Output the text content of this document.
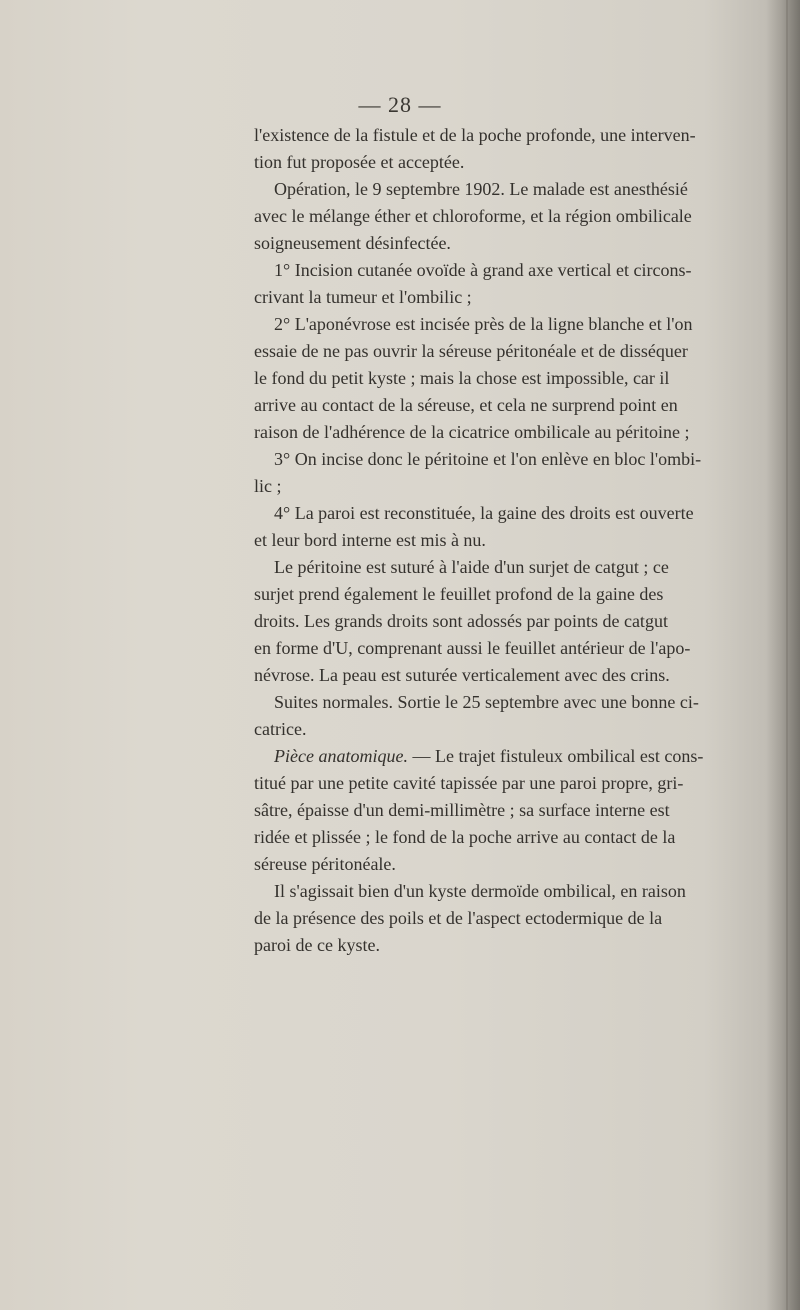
— 28 —
l'existence de la fistule et de la poche profonde, une interven-
tion fut proposée et acceptée.
Opération, le 9 septembre 1902. Le malade est anesthésié
avec le mélange éther et chloroforme, et la région ombilicale
soigneusement désinfectée.
1° Incision cutanée ovoïde à grand axe vertical et circons-
crivant la tumeur et l'ombilic ;
2° L'aponévrose est incisée près de la ligne blanche et l'on
essaie de ne pas ouvrir la séreuse péritonéale et de disséquer
le fond du petit kyste ; mais la chose est impossible, car il
arrive au contact de la séreuse, et cela ne surprend point en
raison de l'adhérence de la cicatrice ombilicale au péritoine ;
3° On incise donc le péritoine et l'on enlève en bloc l'ombi-
lic ;
4° La paroi est reconstituée, la gaine des droits est ouverte
et leur bord interne est mis à nu.
Le péritoine est suturé à l'aide d'un surjet de catgut ; ce
surjet prend également le feuillet profond de la gaine des
droits. Les grands droits sont adossés par points de catgut
en forme d'U, comprenant aussi le feuillet antérieur de l'apo-
névrose. La peau est suturée verticalement avec des crins.
Suites normales. Sortie le 25 septembre avec une bonne ci-
catrice.
Pièce anatomique. — Le trajet fistuleux ombilical est cons-
titué par une petite cavité tapissée par une paroi propre, gri-
sâtre, épaisse d'un demi-millimètre ; sa surface interne est
ridée et plissée ; le fond de la poche arrive au contact de la
séreuse péritonéale.
Il s'agissait bien d'un kyste dermoïde ombilical, en raison
de la présence des poils et de l'aspect ectodermique de la
paroi de ce kyste.
